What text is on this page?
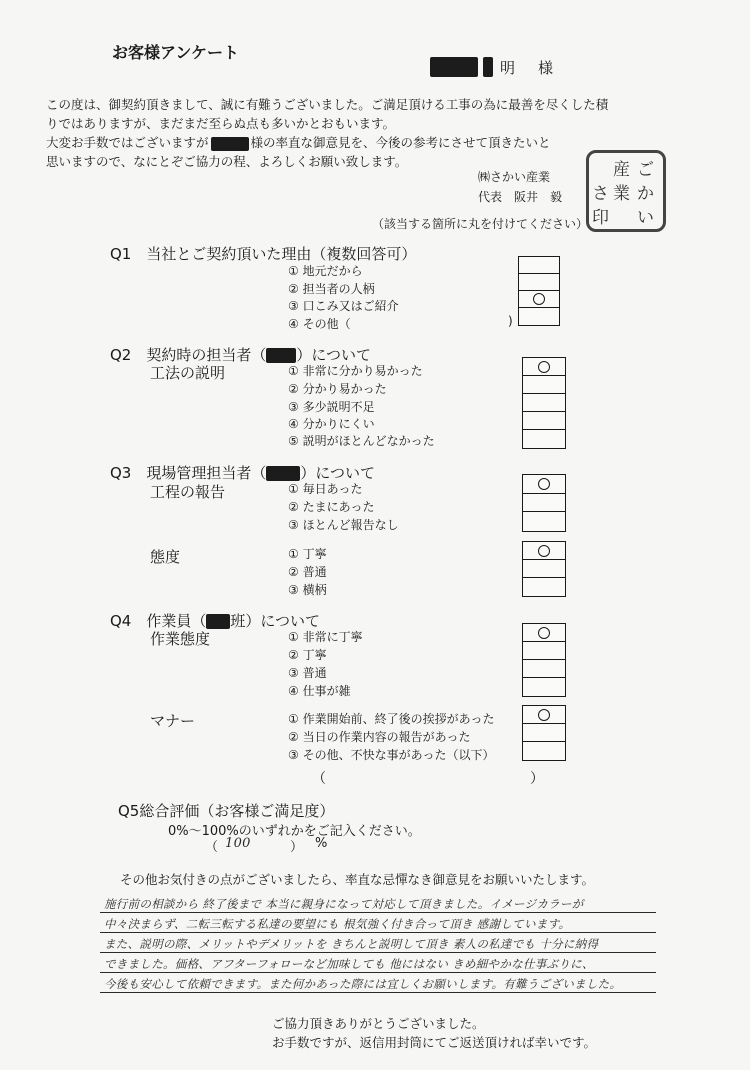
お客様アンケート
明 様
この度は、御契約頂きまして、誠に有難うございました。ご満足頂ける工事の為に最善を尽くした積
りではありますが、まだまだ至らぬ点も多いかとおもいます。
大変お手数ではございますが	様の率直な御意見を、今後の参考にさせて頂きたいと
思いますので、なにとぞご協力の程、よろしくお願い致します。
㈱さかい産業
代表　阪井　毅
ご
か
い
産
業
さ
印
（該当する箇所に丸を付けてください）
Q1　当社とご契約頂いた理由（複数回答可）
① 地元だから
② 担当者の人柄
③ 口こみ又はご紹介
④ その他（	)
Q2　契約時の担当者（ ）について
工法の説明	① 非常に分かり易かった
② 分かり易かった
③ 多少説明不足
④ 分かりにくい
⑤ 説明がほとんどなかった
Q3　現場管理担当者（ ）について
工程の報告	① 毎日あった
② たまにあった
③ ほとんど報告なし
態度	① 丁寧
② 普通
③ 横柄
Q4　作業員（ 班）について
作業態度	① 非常に丁寧
② 丁寧
③ 普通
④ 仕事が雑
マナー	① 作業開始前、終了後の挨拶があった
② 当日の作業内容の報告があった
③ その他、不快な事があった（以下）
（	）
Q5総合評価（お客様ご満足度）
0%～100%のいずれかをご記入ください。
（ 100	） %
その他お気付きの点がございましたら、率直な忌憚なき御意見をお願いいたします。
施行前の相談から 終了後まで 本当に親身になって対応して頂きました。イメージカラーが
中々決まらず、二転三転する私達の要望にも 根気強く付き合って頂き 感謝しています。
また、説明の際、メリットやデメリットを きちんと説明して頂き 素人の私達でも 十分に納得
できました。価格、アフターフォローなど加味しても 他にはない きめ細やかな仕事ぶりに、
今後も安心して依頼できます。また何かあった際には宜しくお願いします。有難うございました。
ご協力頂きありがとうございました。
お手数ですが、返信用封筒にてご返送頂ければ幸いです。
